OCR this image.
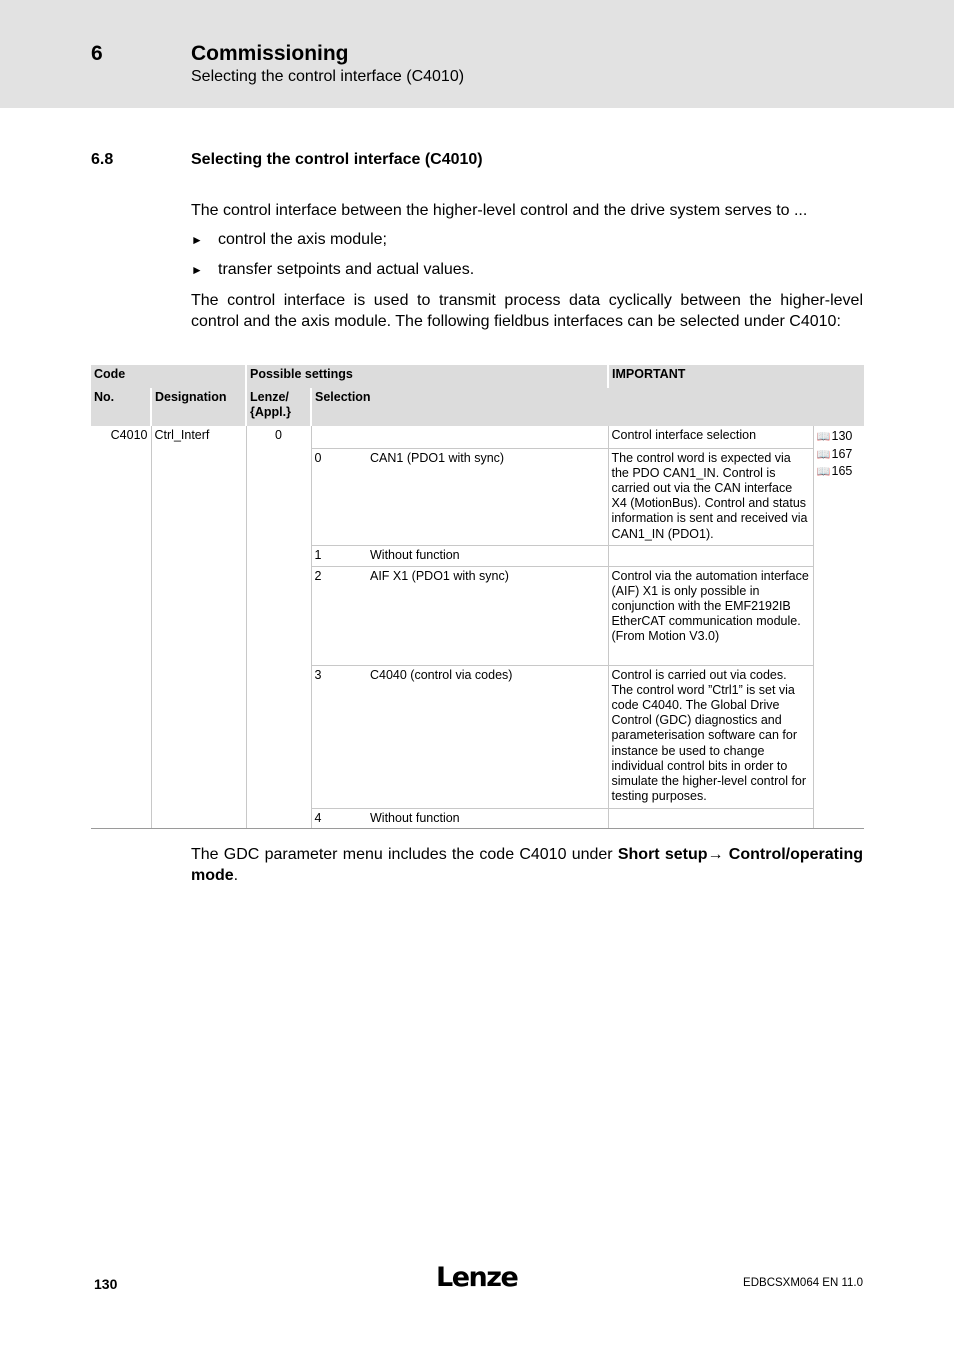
6	Commissioning
Selecting the control interface (C4010)
6.8	Selecting the control interface (C4010)
The control interface between the higher-level control and the drive system serves to ...
► control the axis module;
► transfer setpoints and actual values.
The control interface is used to transmit process data cyclically between the higher-level control and the axis module. The following fieldbus interfaces can be selected under C4010:
Code		Possible settings			IMPORTANT	
No.	Designation	Lenze/ {Appl.}	Selection			
C4010	Ctrl_Interf	0			Control interface selection	📖130
📖167
📖165

			0	CAN1 (PDO1 with sync)	The control word is expected via the PDO CAN1_IN. Control is carried out via the CAN interface X4 (MotionBus). Control and status information is sent and received via CAN1_IN (PDO1).	
			1	Without function		
			2	AIF X1 (PDO1 with sync)	Control via the automation interface (AIF) X1 is only possible in conjunction with the EMF2192IB EtherCAT communication module. (From Motion V3.0)	
			3	C4040 (control via codes)	Control is carried out via codes. The control word ”Ctrl1” is set via code C4040. The Global Drive Control (GDC) diagnostics and parameterisation software can for instance be used to change individual control bits in order to simulate the higher-level control for testing purposes.	
			4	Without function		

The GDC parameter menu includes the code C4010 under Short setup→ Control/operating mode.
130	Lenze	EDBCSXM064 EN 11.0
